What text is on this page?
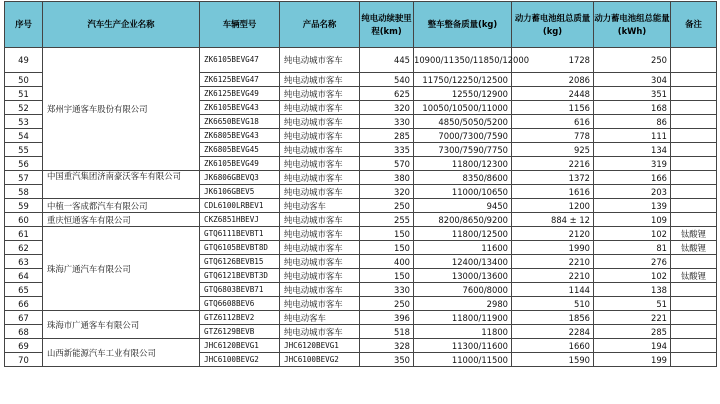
序号	汽车生产企业名称	车辆型号	产品名称	纯电动续驶里程(km)	整车整备质量(kg)	动力蓄电池组总质量(kg)	动力蓄电池组总能量(kWh)	备注
49	郑州宇通客车股份有限公司	ZK6105BEVG47	纯电动城市客车	445	10900/11350/11850/12000	1728	250	
50		ZK6125BEVG47	纯电动城市客车	540	11750/12250/12500	2086	304	
51		ZK6125BEVG49	纯电动城市客车	625	12550/12900	2448	351	
52		ZK6105BEVG43	纯电动城市客车	320	10050/10500/11000	1156	168	
53		ZK6650BEVG18	纯电动城市客车	330	4850/5050/5200	616	86	
54		ZK6805BEVG43	纯电动城市客车	285	7000/7300/7590	778	111	
55		ZK6805BEVG45	纯电动城市客车	335	7300/7590/7750	925	134	
56		ZK6105BEVG49	纯电动城市客车	570	11800/12300	2216	319	
57	中国重汽集团济南豪沃客车有限公司	JK6806GBEVQ3	纯电动城市客车	380	8350/8600	1372	166	
58		JK6106GBEV5	纯电动城市客车	320	11000/10650	1616	203	
59	中植一客成都汽车有限公司	CDL6100LRBEV1	纯电动客车	250	9450	1200	139	
60	重庆恒通客车有限公司	CKZ6851HBEVJ	纯电动城市客车	255	8200/8650/9200	884 ± 12	109	
61	珠海广通汽车有限公司	GTQ6111BEVBT1	纯电动城市客车	150	11800/12500	2120	102	钛酸锂
62		GTQ6105BEVBT8D	纯电动城市客车	150	11600	1990	81	钛酸锂
63		GTQ6126BEVB15	纯电动城市客车	400	12400/13400	2210	276	
64		GTQ6121BEVBT3D	纯电动城市客车	150	13000/13600	2210	102	钛酸锂
65		GTQ6803BEVB71	纯电动城市客车	330	7600/8000	1144	138	
66		GTQ6608BEV6	纯电动城市客车	250	2980	510	51	
67	珠海市广通客车有限公司	GTZ6112BEV2	纯电动客车	396	11800/11900	1856	221	
68		GTZ6129BEVB	纯电动城市客车	518	11800	2284	285	
69	山西新能源汽车工业有限公司	JHC6120BEVG1	JHC6120BEVG1	328	11300/11600	1660	194	
70		JHC6100BEVG2	JHC6100BEVG2	350	11000/11500	1590	199	
